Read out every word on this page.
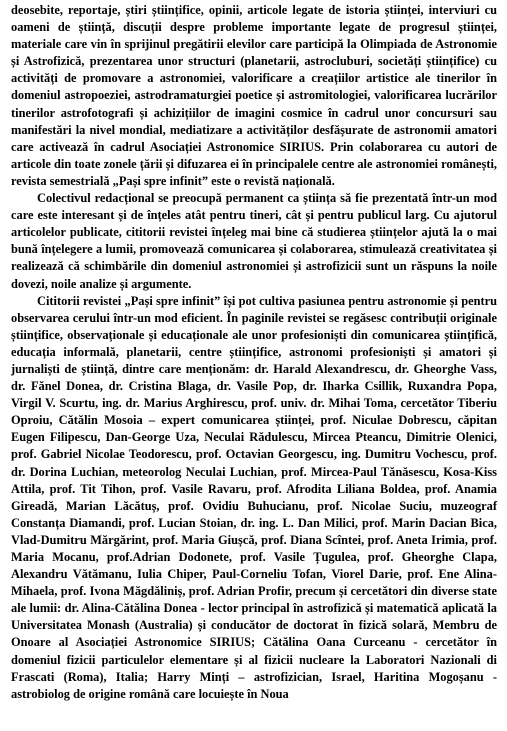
deosebite, reportaje, știri științifice, opinii, articole legate de istoria științei, interviuri cu oameni de știință, discuții despre probleme importante legate de progresul științei, materiale care vin în sprijinul pregătirii elevilor care participă la Olimpiada de Astronomie și Astrofizică, prezentarea unor structuri (planetarii, astrocluburi, societăți științifice) cu activități de promovare a astronomiei, valorificare a creațiilor artistice ale tinerilor în domeniul astropoeziei, astrodramaturgiei poetice și astromitologiei, valorificarea lucrărilor tinerilor astrofotografi și achizițiilor de imagini cosmice în cadrul unor concursuri sau manifestări la nivel mondial, mediatizare a activităților desfășurate de astronomii amatori care activează în cadrul Asociației Astronomice SIRIUS. Prin colaborarea cu autori de articole din toate zonele țării și difuzarea ei în principalele centre ale astronomiei românești, revista semestrială „Pași spre infinit” este o revistă națională.

Colectivul redacțional se preocupă permanent ca știința să fie prezentată într-un mod care este interesant și de înțeles atât pentru tineri, cât și pentru publicul larg. Cu ajutorul articolelor publicate, cititorii revistei înțeleg mai bine că studierea științelor ajută la o mai bună înțelegere a lumii, promovează comunicarea și colaborarea, stimulează creativitatea și realizează că schimbările din domeniul astronomiei și astrofizicii sunt un răspuns la noile dovezi, noile analize și argumente.

Cititorii revistei „Pași spre infinit” își pot cultiva pasiunea pentru astronomie și pentru observarea cerului într-un mod eficient. În paginile revistei se regăsesc contribuții originale științifice, observaționale și educaționale ale unor profesioniști din comunicarea științifică, educația informală, planetarii, centre științifice, astronomi profesioniști și amatori și jurnaliști de știință, dintre care menționăm: dr. Harald Alexandrescu, dr. Gheorghe Vass, dr. Fănel Donea, dr. Cristina Blaga, dr. Vasile Pop, dr. Iharka Csillik, Ruxandra Popa, Virgil V. Scurtu, ing. dr. Marius Arghirescu, prof. univ. dr. Mihai Toma, cercetător Tiberiu Oproiu, Cătălin Mosoia – expert comunicarea științei, prof. Niculae Dobrescu, căpitan Eugen Filipescu, Dan-George Uza, Neculai Rădulescu, Mircea Pteancu, Dimitrie Olenici, prof. Gabriel Nicolae Teodorescu, prof. Octavian Georgescu, ing. Dumitru Vochescu, prof. dr. Dorina Luchian, meteorolog Neculai Luchian, prof. Mircea-Paul Tănăsescu, Kosa-Kiss Attila, prof. Tit Tihon, prof. Vasile Ravaru, prof. Afrodita Liliana Boldea, prof. Anamia Gireadă, Marian Lăcătuș, prof. Ovidiu Buhucianu, prof. Nicolae Suciu, muzeograf Constanța Diamandi, prof. Lucian Stoian, dr. ing. L. Dan Milici, prof. Marin Dacian Bica, Vlad-Dumitru Mărgărint, prof. Maria Giușcă, prof. Diana Scîntei, prof. Aneta Irimia, prof. Maria Mocanu, prof.Adrian Dodonete, prof. Vasile Țugulea, prof. Gheorghe Clapa, Alexandru Vătămanu, Iulia Chiper, Paul-Corneliu Tofan, Viorel Darie, prof. Ene Alina-Mihaela, prof. Ivona Măgdăliniș, prof. Adrian Profir, precum și cercetători din diverse state ale lumii: dr. Alina-Cătălina Donea - lector principal în astrofizică și matematică aplicată la Universitatea Monash (Australia) și conducător de doctorat în fizică solară, Membru de Onoare al Asociației Astronomice SIRIUS; Cătălina Oana Curceanu - cercetător în domeniul fizicii particulelor elementare și al fizicii nucleare la Laboratori Nazionali di Frascati (Roma), Italia; Harry Minți – astrofizician, Israel, Haritina Mogoșanu - astrobiolog de origine română care locuiește în Noua
